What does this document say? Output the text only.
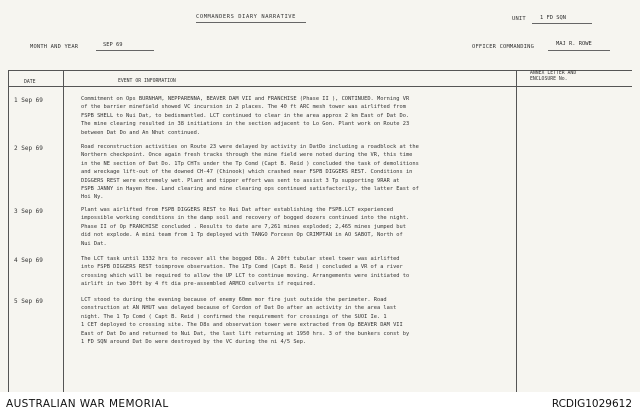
COMMANDERS DIARY NARRATIVE	UNIT	1 FD SQN
MONTH AND YEAR	SEP 69	OFFICER COMMANDING	MAJ R. ROWE
DATE	EVENT OR INFORMATION
ANNEX LETTER AND
ENCLOSURE No.
1 Sep 69	Commitment on Ops BURNHAM, NEPPARENNA, BEAVER DAM VII and FRANCHISE (Phase II ), CONTINUED. Morning VR
of the barrier minefield showed VC incursion in 2 places. The 40 ft ARC mesh tower was airlifted from
FSPB SHELL to Nui Dat, to bedismantled. LCT continued to clear in the area approx 2 km East of Dat Do.
The mine clearing resulted in 38 initiations in the section adjacent to Lo Gon. Plant work on Route 23
between Dat Do and An Nhut continued.
2 Sep 69	Road reconstruction activities on Route 23 were delayed by activity in DatDo including a roadblock at the
Northern checkpoint. Once again fresh tracks through the mine field were noted during the VR, this time
in the NE section of Dat Do. 1Tp CHTs under the Tp Comd (Capt B. Reid ) concluded the task of demolitions
and wreckage lift-out of the downed CH-47 (Chinook) which crashed near FSPB DIGGERS REST. Conditions in
DIGGERS REST were extremely wet. Plant and tipper effort was sent to assist 3 Tp supporting 9RAR at
FSPB JANNY in Hayen Hoe. Land clearing and mine clearing ops continued satisfactorily, the latter East of
Hoi Ny.
3 Sep 69	Plant was airlifted from FSPB DIGGERS REST to Nui Dat after establishing the FSPB.LCT experienced
impossible working conditions in the damp soil and recovery of bogged dozers continued into the night.
Phase II of Op FRANCHISE concluded . Results to date are 7,261 mines exploded; 2,465 mines jumped but
did not explode. A mini team from 1 Tp deployed with TANGO Forcesn Op CRIMPTAN in AO SABOT, North of
Nui Dat.
4 Sep 69	The LCT task until 1332 hrs to recover all the bogged D8s. A 20ft tubular steel tower was airlifted
into FSPB DIGGERS REST toimprove observation. The 1Tp Comd (Capt B. Reid ) concluded a VR of a river
crossing which will be required to allow the UP LCT to continue moving. Arrangements were initiated to
airlift in two 30ft by 4 ft dia pre-assembled ARMCO culverts if required.
5 Sep 69	LCT stood to during the evening because of enemy 60mm mor fire just outside the perimeter. Road
construction at AN NHUT was delayed because of Cordon of Dat Do after an activity in the area last
night. The 1 Tp Comd ( Capt B. Reid ) confirmed the requirement for crossings of the SUOI Ie. 1
1 CET deployed to crossing site. The D8s and observation tower were extracted from Op BEAVER DAM VII
East of Dat Do and returned to Nui Dat, the last lift returning at 1950 hrs. 3 of the bunkers const by
1 FD SQN around Dat Do were destroyed by the VC during the ni 4/5 Sep.
AUSTRALIAN WAR MEMORIAL	RCDIG1029612
